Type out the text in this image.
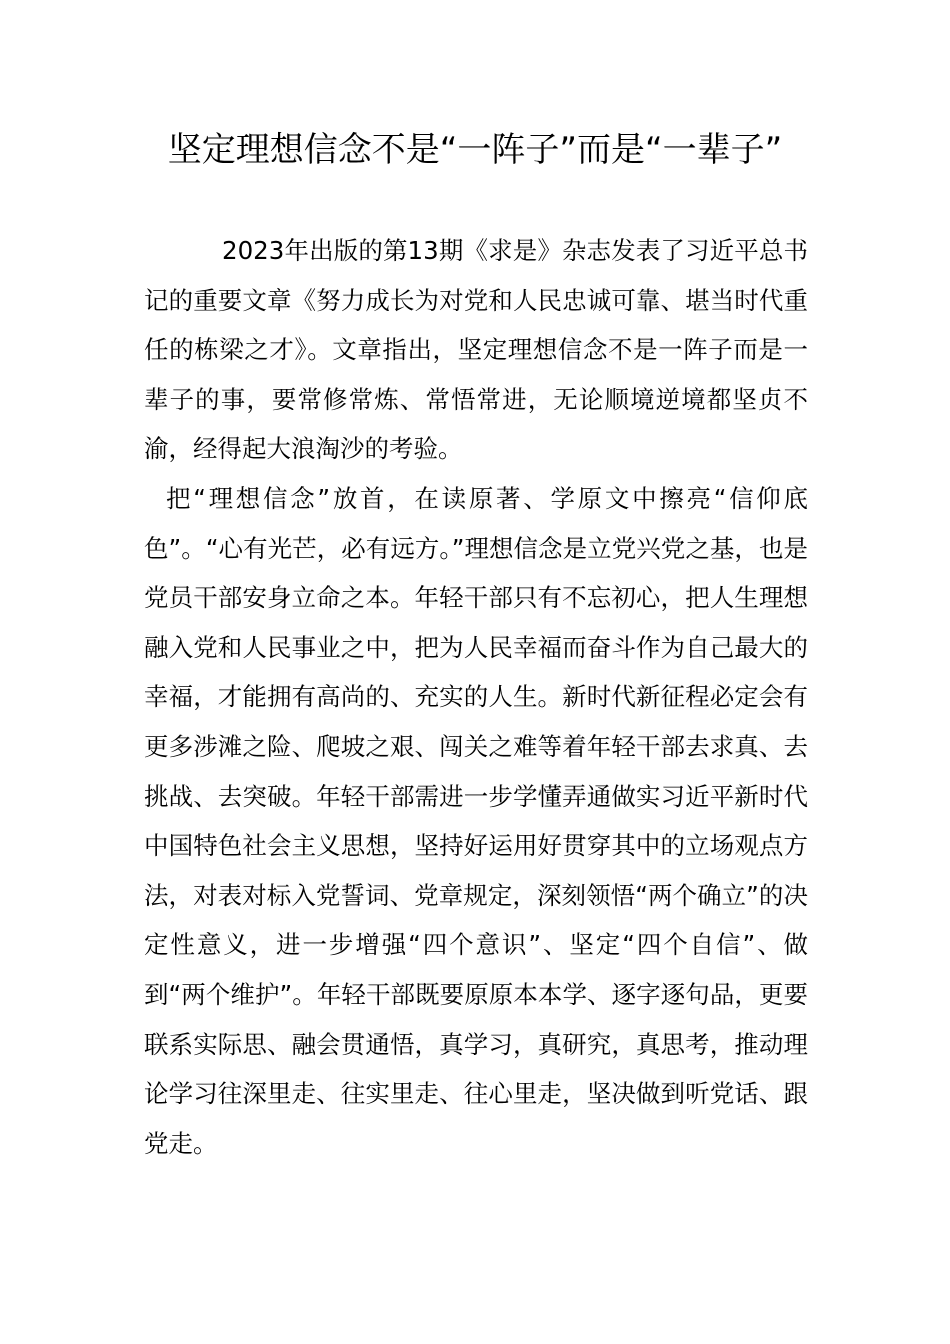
坚定理想信念不是“一阵子”而是“一辈子”

2023年出版的第13期《求是》杂志发表了习近平总书记的重要文章《努力成长为对党和人民忠诚可靠、堪当时代重任的栋梁之才》。文章指出，坚定理想信念不是一阵子而是一辈子的事，要常修常炼、常悟常进，无论顺境逆境都坚贞不渝，经得起大浪淘沙的考验。

把“理想信念”放首，在读原著、学原文中擦亮“信仰底色”。“心有光芒，必有远方。”理想信念是立党兴党之基，也是党员干部安身立命之本。年轻干部只有不忘初心，把人生理想融入党和人民事业之中，把为人民幸福而奋斗作为自己最大的幸福，才能拥有高尚的、充实的人生。新时代新征程必定会有更多涉滩之险、爬坡之艰、闯关之难等着年轻干部去求真、去挑战、去突破。年轻干部需进一步学懂弄通做实习近平新时代中国特色社会主义思想，坚持好运用好贯穿其中的立场观点方法，对表对标入党誓词、党章规定，深刻领悟“两个确立”的决定性意义，进一步增强“四个意识”、坚定“四个自信”、做到“两个维护”。年轻干部既要原原本本学、逐字逐句品，更要联系实际思、融会贯通悟，真学习，真研究，真思考，推动理论学习往深里走、往实里走、往心里走，坚决做到听党话、跟党走。
